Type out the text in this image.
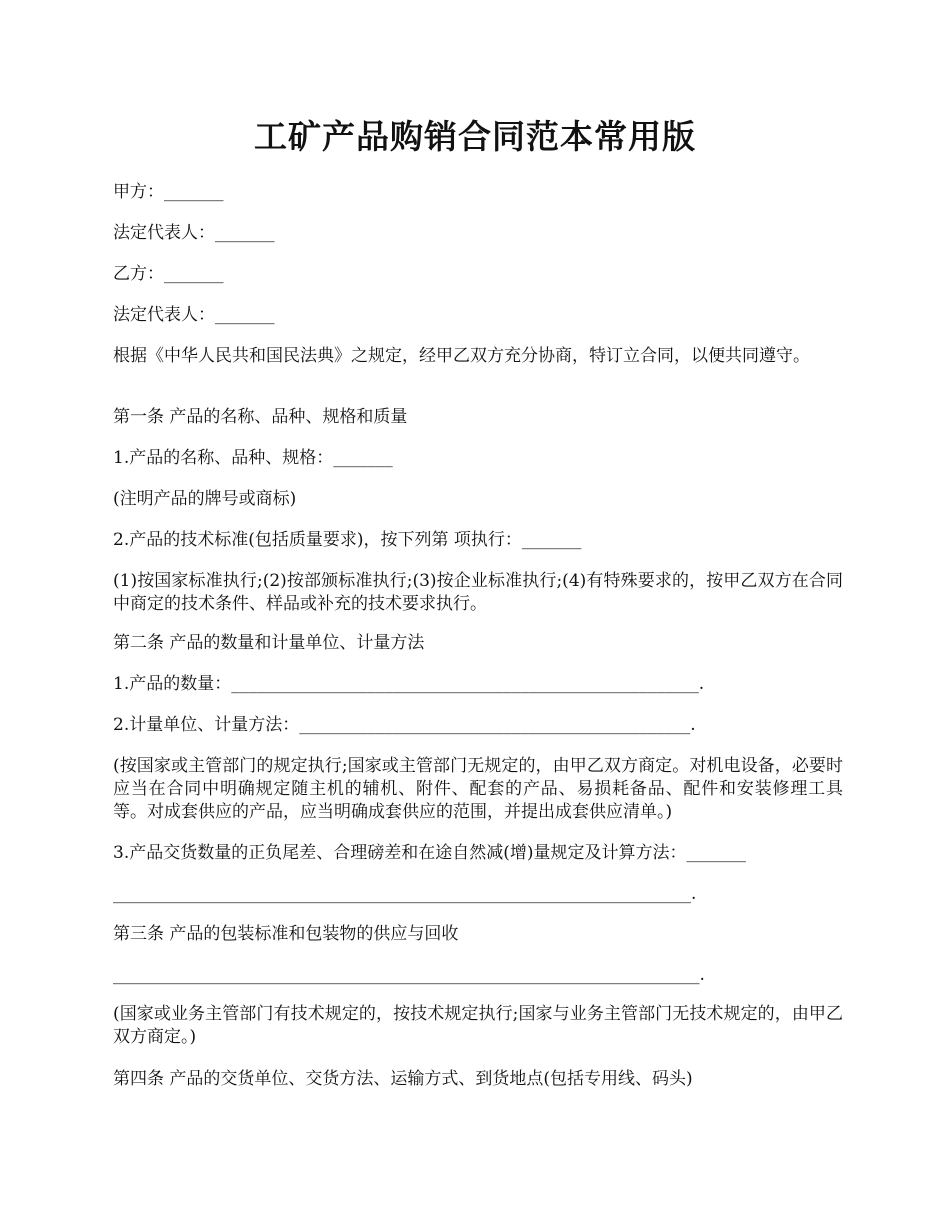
工矿产品购销合同范本常用版

甲方：_______

法定代表人：_______

乙方：_______

法定代表人：_______

根据《中华人民共和国民法典》之规定，经甲乙双方充分协商，特订立合同，以便共同遵守。

第一条 产品的名称、品种、规格和质量

1.产品的名称、品种、规格：_______

(注明产品的牌号或商标)

2.产品的技术标准(包括质量要求)，按下列第 项执行：_______

(1)按国家标准执行;(2)按部颁标准执行;(3)按企业标准执行;(4)有特殊要求的，按甲乙双方在合同中商定的技术条件、样品或补充的技术要求执行。

第二条 产品的数量和计量单位、计量方法

1.产品的数量：_______________________________________________________.
2.计量单位、计量方法：______________________________________________.

(按国家或主管部门的规定执行;国家或主管部门无规定的，由甲乙双方商定。对机电设备，必要时应当在合同中明确规定随主机的辅机、附件、配套的产品、易损耗备品、配件和安装修理工具等。对成套供应的产品，应当明确成套供应的范围，并提出成套供应清单。)

3.产品交货数量的正负尾差、合理磅差和在途自然减(增)量规定及计算方法：_______

____________________________________________________________________.

第三条 产品的包装标准和包装物的供应与回收

_____________________________________________________________________.

(国家或业务主管部门有技术规定的，按技术规定执行;国家与业务主管部门无技术规定的，由甲乙双方商定。)

第四条 产品的交货单位、交货方法、运输方式、到货地点(包括专用线、码头)
